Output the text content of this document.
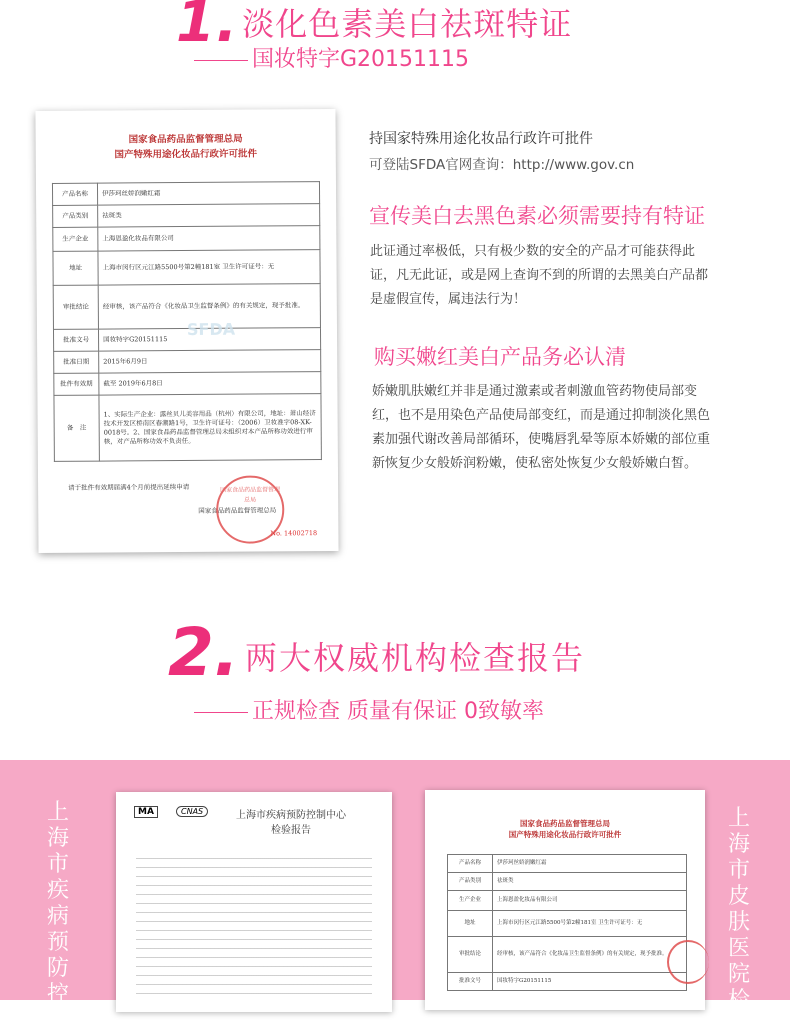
1. 淡化色素美白祛斑特证
国妆特字G20151115
国家食品药品监督管理总局
国产特殊用途化妆品行政许可批件
产品名称	伊莎珂丝娇润嫩红霜
产品类别	祛斑类
生产企业	上海恩盈化妆品有限公司
地址	上海市闵行区元江路5500号第2幢181室 卫生许可证号：无
审批结论	经审核，该产品符合《化妆品卫生监督条例》的有关规定，现予批准。
批准文号	国妆特字G20151115
批准日期	2015年6月9日
批件有效期	截至 2019年6月8日
备　注	1、实际生产企业：露丝贝儿美容用品（杭州）有限公司，地址：萧山经济技术开发区桥南区春潮路1号，卫生许可证号：（2006）卫妆准字08-XK-0018号。2、国家食品药品监督管理总局未组织对本产品所称功效进行审核，对产品所称功效不负责任。
请于批件有效期届满4个月前提出延续申请
国家食品药品监督管理总局
国家食品药品监督管理总局
No. 14002718
SFDA
持国家特殊用途化妆品行政许可批件
可登陆SFDA官网查询：http://www.gov.cn
宣传美白去黑色素必须需要持有特证
此证通过率极低，只有极少数的安全的产品才可能获得此证，凡无此证，或是网上查询不到的所谓的去黑美白产品都是虚假宣传，属违法行为！
购买嫩红美白产品务必认清
娇嫩肌肤嫩红并非是通过激素或者刺激血管药物使局部变红，也不是用染色产品使局部变红，而是通过抑制淡化黑色素加强代谢改善局部循环，使嘴唇乳晕等原本娇嫩的部位重新恢复少女般娇润粉嫩，使私密处恢复少女般娇嫩白皙。
2. 两大权威机构检查报告
正规检查 质量有保证 0致敏率
上海市疾病预防控制
上海市皮肤医院检
MA	CNAS	上海市疾病预防控制中心
检验报告
国家食品药品监督管理总局
国产特殊用途化妆品行政许可批件
产品名称	伊莎珂丝娇润嫩红霜
产品类别	祛斑类
生产企业	上海恩盈化妆品有限公司
地址	上海市闵行区元江路5500号第2幢181室 卫生许可证号：无
审批结论	经审核，该产品符合《化妆品卫生监督条例》的有关规定，现予批准。
批准文号	国妆特字G20151115
